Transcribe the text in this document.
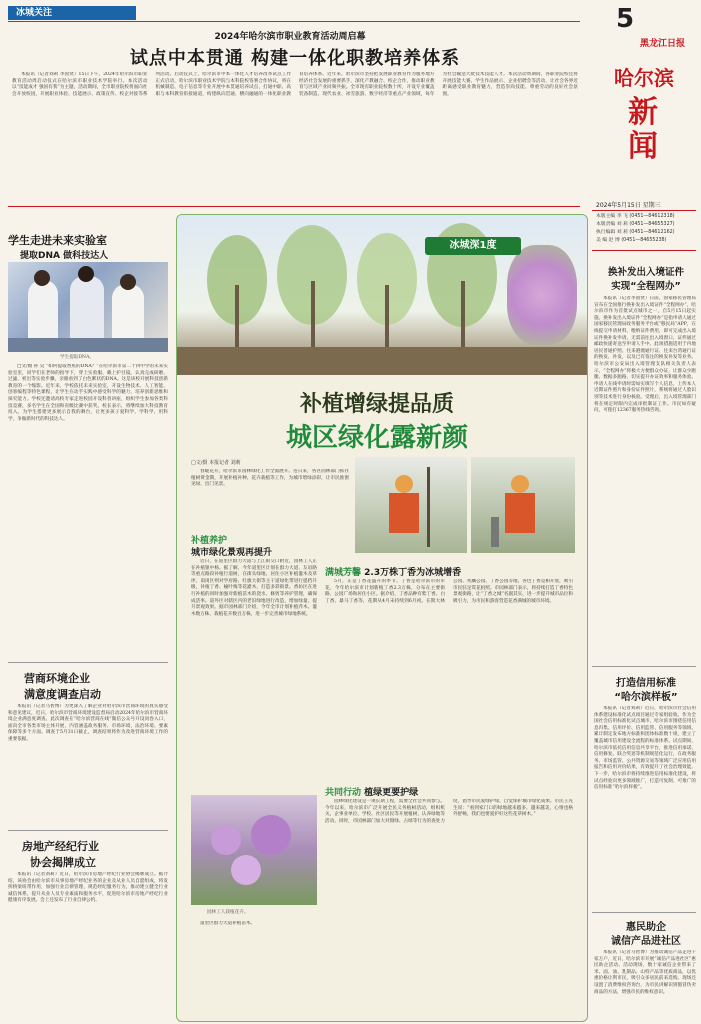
冰城关注
2024年哈尔滨市职业教育活动周启幕
试点中本贯通 构建一体化职教培养体系

本报讯（记者刘莉 李国贤）15日下午，2024年哈尔滨市职业教育活动周启动仪式在哈尔滨市职业技术学院举行。本次活动以“技能成才 强国有我”为主题，活动期间，全市职业院校将面向社会开放校园，开展职业体验、技能展示、政策宣传、校企对接等系列活动。启动仪式上，哈尔滨市中本一体化人才培养改革试点工作正式启动，哈尔滨市职业技术学院与本科院校签署合作协议，将在机械制造、电子信息等专业开展中本贯通培养试点，打通中职、高职与本科教育衔接通道，构建纵向贯通、横向融通的一体化职业教育培养体系。近年来，哈尔滨市坚持把发展职业教育作为服务地方经济社会发展的重要抓手，深化产教融合、校企合作，推动职业教育与区域产业同频共振。全市现有职业院校数十所，开设专业覆盖装备制造、现代农业、冰雪旅游、数字经济等重点产业领域，每年为社会输送大批技术技能人才。本次活动周期间，各职业院校还将开展技能大赛、学生作品展示、企业招聘会等活动，让社会各界近距离感受职业教育魅力，营造崇尚技能、尊重劳动的良好社会氛围。

5
黑龙江日报
哈尔滨
新闻
2024年5月15日 星期三
本版主编 李 飞 (0451—84612318)
本版责编 刘 莉 (0451—84655327)
执行编辑 刘 莉 (0451—84612162)
美 编 赵 博 (0451—84655238)
学生走进未来实验室
提取DNA 做科技达人
学生提取DNA。

□文/摄 孙 昊 “如何提取香蕉的DNA？”在哈尔滨市第二十四中学的未来实验室里，同学们在老师的指导下，穿上实验服、戴上护目镜，认真完成研磨、过滤、析出等实验步骤，亲眼看到了白色絮状的DNA。这是该校开展科技创新教育的一个缩影。近年来，学校依托未来实验室，开设生物技术、人工智能、创客编程等特色课程，让学生在动手实践中感受科学的魅力，培养创新思维和探究能力。学校还邀请高校专家走进校园开设科普讲座，组织学生参加各类科技竞赛，多名学生在全国和省级比赛中获奖。校长表示，将继续加大科技教育投入，为学生搭建更多展示自我的舞台，让更多孩子爱科学、学科学、用科学，争做新时代的科技达人。

营商环境企业
满意度调查启动

本报讯（记者马智博）为更深入了解企业对哈尔滨市营商环境的真实感受和意见建议，近日，哈尔滨市营商环境建设监督局启动2024年哈尔滨市营商环境企业满意度调查。此次调查在“哈尔滨营商在线”微信公众号开设问卷入口，面向全市各类市场主体开展，内容涵盖政务服务、市场环境、法治环境、要素保障等多个方面。调查于5月31日截止，调查结果将作为改进营商环境工作的重要依据。

房地产经纪行业
协会揭牌成立

本报讯（记者刘莉）近日，哈尔滨市房地产经纪行业协会揭牌成立。据介绍，该协会由哈尔滨市从事房地产经纪业务的企业及从业人员自愿组成，将发挥桥梁纽带作用，加强行业自律管理，规范经纪服务行为，推动建立健全行业诚信体系，提升从业人员专业素质和服务水平，促进哈尔滨市房地产经纪行业健康有序发展。会上还发布了行业自律公约。

冰城深1度
补植增绿提品质
城区绿化露新颜
□文/摄 本报记者 刘莉

春暖花开，哈尔滨市园林绿化工作全面展开。连日来，各区园林部门抓住植树黄金期，开展补植补种、花卉栽植等工作，为城市增绿添彩，让市民推窗见绿、出门见景。

补植养护
城市绿化景观再提升

近日，在道里区群力大道与上江街交口附近，园林工人正在补植银中杨。据了解，今年道里区计划在群力大道、友谊路等重点路段补植行道树，在街头绿地、居住小区补植灌木及草坪。南岗区则对学府路、红旗大街等主干道绿化带进行提档升级，补植丁香、榆叶梅等花灌木，打造多彩街景。香坊区在进行补植的同时加强对新植苗木的浇水、修剪等养护管理，确保成活率。道外区对辖区内的老旧绿地进行改造，增加绿量，提升景观效果。据市园林部门介绍，今年全市计划补植乔木、灌木数万株，栽植花卉数百万株，进一步完善城市绿地系统。

满城芳馨 2.3万株丁香为冰城增香

5月，正是丁香花盛开的季节。丁香是哈尔滨市的市花，今年哈尔滨市计划新植丁香2.3万株，分布在主要街路、公园广场和居住小区。据介绍，丁香品种有紫丁香、白丁香、暴马丁香等，花期从4月末持续到6月初。在斯大林公园、兆麟公园、丁香公园等地，各色丁香竞相开放，吸引市民驻足赏花拍照。市园林部门表示，将持续打造丁香特色景观街路，让“丁香之城”名副其实，进一步提升城市品位和吸引力，为市民和游客营造花香满城的城市环境。

园林工人栽植花卉。
共同行动 植绿更要护绿

园林绿化建设是一项长期工程，需要全社会共同参与。今年以来，哈尔滨市广泛开展全民义务植树活动，组织机关、企事业单位、学校、社区居民等开展植树、认养绿地等活动。同时，市园林部门加大对毁绿、占绿等行为的查处力度，倡导市民爱绿护绿，自觉保护城市绿化成果。市民王先生说：“看到家门口的绿地越来越多、越来越美，心情也格外舒畅，我们也要爱护好这些花草树木。”

道里区群力大道补植苗木。

换补发出入境证件
实现“全程网办”

本报讯（记者李国贤）日前，国家移民管理局宣布在全国推行换补发出入境证件“全程网办”，哈尔滨市作为首批试点城市之一，自5月15日起实施。换补发出入境证件“全程网办”是指申请人通过国家移民管理局政务服务平台或“移民局”APP，在线提交申请材料、缴纳证件费用，即可完成出入境证件换补发申请，无需前往出入境窗口，证件通过邮政快递寄送至申请人手中。此项措施适用于内地居民普通护照、往来港澳通行证、往来台湾通行证的换发、补发，以及已有签注的换发补发等业务。哈尔滨市公安局出入境管理支队相关负责人表示，“全程网办”将极大方便群众办证，让群众少跑腿、数据多跑路，切实提升办证效率和服务体验。申请人在线申请时需如实填写个人信息，上传本人近期证件照片和身份证件照片，系统将通过人脸识别等技术进行身份核验。受理后，出入境管理部门将在规定时限内完成审批制证工作。市民如有疑问，可拨打12367服务热线咨询。

打造信用标准
“哈尔滨样板”

本报讯（记者刘莉）近日，哈尔滨市社会信用体系建设标准化试点项目通过专家组验收。作为全国社会信用标准化试点城市，哈尔滨市围绕信用信息归集、信用评价、信用监管、信用服务等领域，累计制定发布地方标准和团体标准数十项，建立了覆盖城市信用建设全流程的标准体系。试点期间，哈尔滨市依托信用信息共享平台，推进信用承诺、信用修复、联合奖惩等机制规范化运行，在政务服务、市场监管、公共资源交易等领域广泛应用信用报告和信用评价结果，有效提升了社会治理效能。下一步，哈尔滨市将持续推进信用标准化建设，将试点经验向更多领域推广，打造可复制、可推广的信用标准“哈尔滨样板”。

惠民助企
诚信产品进社区

本报讯（记者马智博）为推动诚信产品走进千家万户，近日，哈尔滨市开展“诚信产品进社区”惠民助企活动。活动现场，数十家诚信企业带来了米、面、油、乳制品、山特产品等优质商品，以优惠价格让利市民，吸引众多居民前来选购。现场还设置了消费维权咨询台，为市民讲解识别假冒伪劣商品的方法，增强市民的维权意识。
